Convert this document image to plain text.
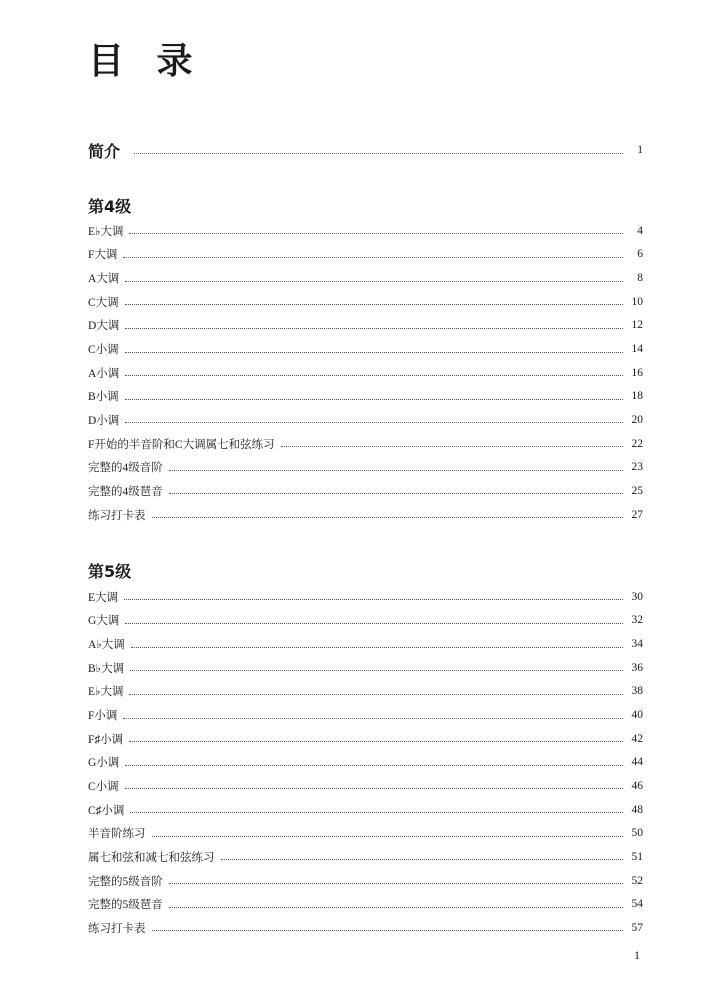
目 录
简介	1
第4级
E♭大调	4
F大调	6
A大调	8
C大调	10
D大调	12
C小调	14
A小调	16
B小调	18
D小调	20
F开始的半音阶和C大调属七和弦练习	22
完整的4级音阶	23
完整的4级琶音	25
练习打卡表	27
第5级
E大调	30
G大调	32
A♭大调	34
B♭大调	36
E♭大调	38
F小调	40
F♯小调	42
G小调	44
C小调	46
C♯小调	48
半音阶练习	50
属七和弦和减七和弦练习	51
完整的5级音阶	52
完整的5级琶音	54
练习打卡表	57
1
